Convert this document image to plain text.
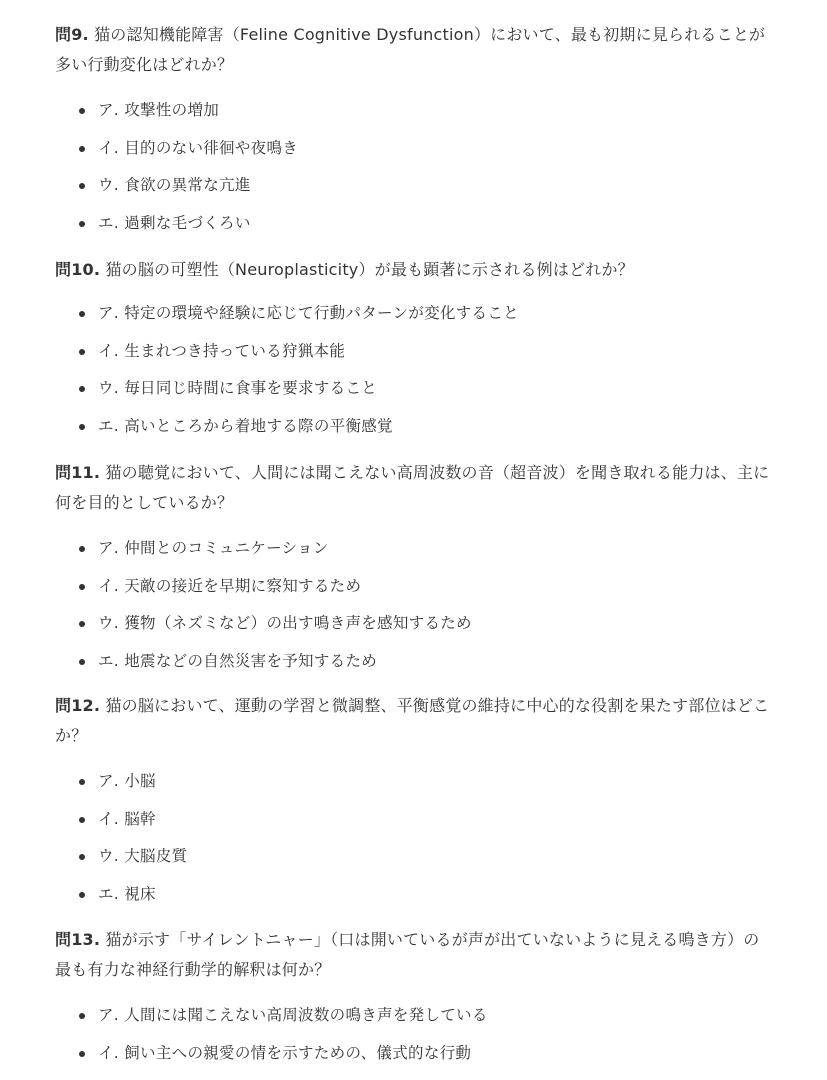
問9. 猫の認知機能障害（Feline Cognitive Dysfunction）において、最も初期に見られることが多い行動変化はどれか？

ア. 攻撃性の増加
イ. 目的のない徘徊や夜鳴き
ウ. 食欲の異常な亢進
エ. 過剰な毛づくろい

問10. 猫の脳の可塑性（Neuroplasticity）が最も顕著に示される例はどれか？

ア. 特定の環境や経験に応じて行動パターンが変化すること
イ. 生まれつき持っている狩猟本能
ウ. 毎日同じ時間に食事を要求すること
エ. 高いところから着地する際の平衡感覚

問11. 猫の聴覚において、人間には聞こえない高周波数の音（超音波）を聞き取れる能力は、主に何を目的としているか？

ア. 仲間とのコミュニケーション
イ. 天敵の接近を早期に察知するため
ウ. 獲物（ネズミなど）の出す鳴き声を感知するため
エ. 地震などの自然災害を予知するため

問12. 猫の脳において、運動の学習と微調整、平衡感覚の維持に中心的な役割を果たす部位はどこか？

ア. 小脳
イ. 脳幹
ウ. 大脳皮質
エ. 視床

問13. 猫が示す「サイレントニャー」（口は開いているが声が出ていないように見える鳴き方）の最も有力な神経行動学的解釈は何か？

ア. 人間には聞こえない高周波数の鳴き声を発している
イ. 飼い主への親愛の情を示すための、儀式的な行動
